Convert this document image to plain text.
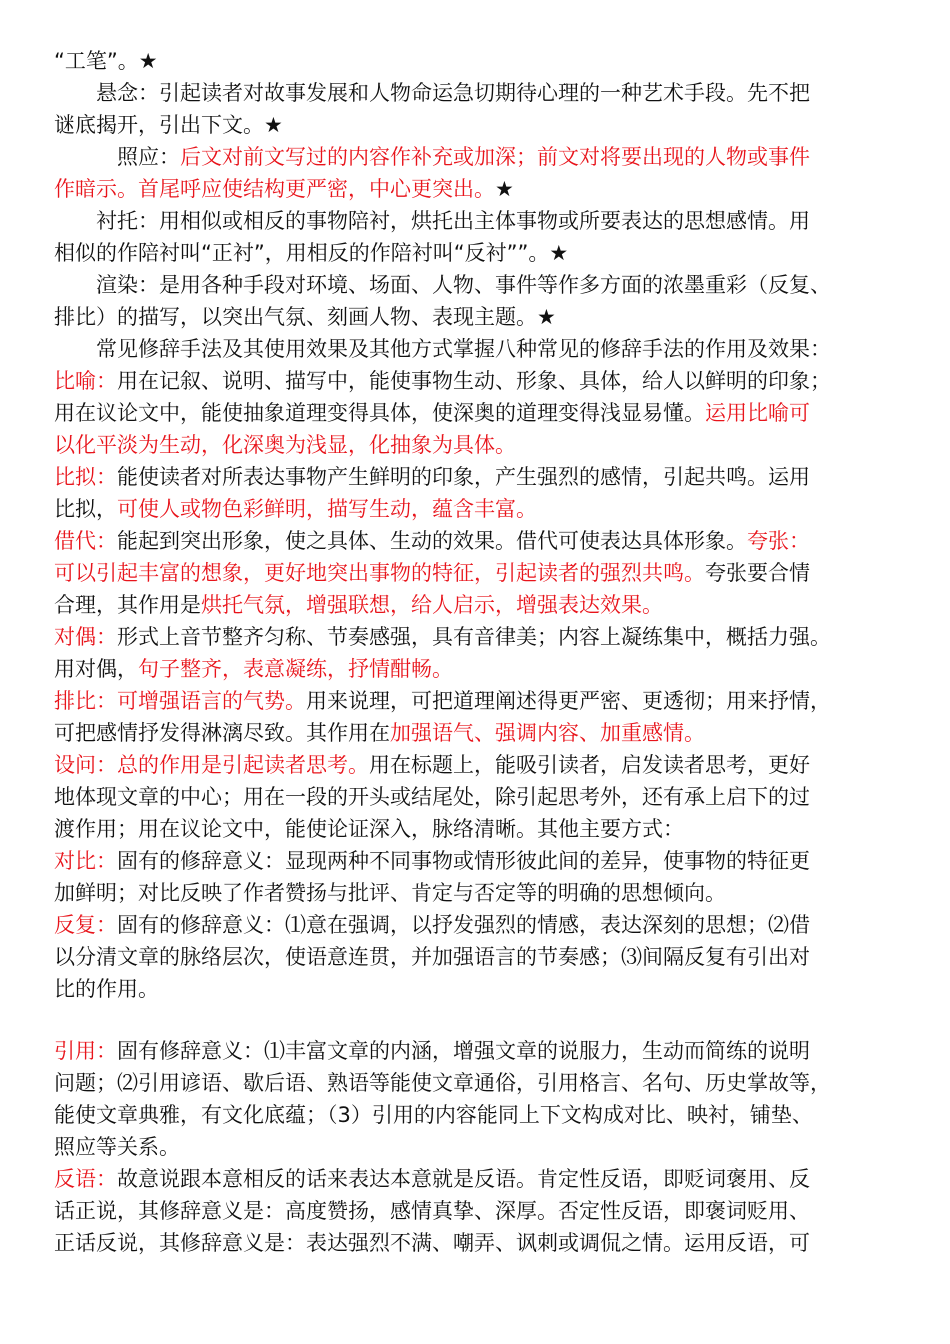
“工笔”。★
　　悬念：引起读者对故事发展和人物命运急切期待心理的一种艺术手段。先不把
谜底揭开，引出下文。★
　　　照应：后文对前文写过的内容作补充或加深；前文对将要出现的人物或事件
作暗示。首尾呼应使结构更严密，中心更突出。★
　　衬托：用相似或相反的事物陪衬，烘托出主体事物或所要表达的思想感情。用
相似的作陪衬叫“正衬”，用相反的作陪衬叫“反衬””。★
　　渲染：是用各种手段对环境、场面、人物、事件等作多方面的浓墨重彩（反复、
排比）的描写，以突出气氛、刻画人物、表现主题。★
　　常见修辞手法及其使用效果及其他方式掌握八种常见的修辞手法的作用及效果：
比喻：用在记叙、说明、描写中，能使事物生动、形象、具体，给人以鲜明的印象；
用在议论文中，能使抽象道理变得具体，使深奥的道理变得浅显易懂。运用比喻可
以化平淡为生动，化深奥为浅显，化抽象为具体。
比拟：能使读者对所表达事物产生鲜明的印象，产生强烈的感情，引起共鸣。运用
比拟，可使人或物色彩鲜明，描写生动，蕴含丰富。
借代：能起到突出形象，使之具体、生动的效果。借代可使表达具体形象。夸张：
可以引起丰富的想象，更好地突出事物的特征，引起读者的强烈共鸣。夸张要合情
合理，其作用是烘托气氛，增强联想，给人启示，增强表达效果。
对偶：形式上音节整齐匀称、节奏感强，具有音律美；内容上凝练集中，概括力强。
用对偶，句子整齐，表意凝练，抒情酣畅。
排比：可增强语言的气势。用来说理，可把道理阐述得更严密、更透彻；用来抒情，
可把感情抒发得淋漓尽致。其作用在加强语气、强调内容、加重感情。
设问：总的作用是引起读者思考。用在标题上，能吸引读者，启发读者思考，更好
地体现文章的中心；用在一段的开头或结尾处，除引起思考外，还有承上启下的过
渡作用；用在议论文中，能使论证深入，脉络清晰。其他主要方式：
对比：固有的修辞意义：显现两种不同事物或情形彼此间的差异，使事物的特征更
加鲜明；对比反映了作者赞扬与批评、肯定与否定等的明确的思想倾向。
反复：固有的修辞意义：⑴意在强调，以抒发强烈的情感，表达深刻的思想；⑵借
以分清文章的脉络层次，使语意连贯，并加强语言的节奏感；⑶间隔反复有引出对
比的作用。
引用：固有修辞意义：⑴丰富文章的内涵，增强文章的说服力，生动而简练的说明
问题；⑵引用谚语、歇后语、熟语等能使文章通俗，引用格言、名句、历史掌故等，
能使文章典雅，有文化底蕴；（3）引用的内容能同上下文构成对比、映衬，铺垫、
照应等关系。
反语：故意说跟本意相反的话来表达本意就是反语。肯定性反语，即贬词褒用、反
话正说，其修辞意义是：高度赞扬，感情真挚、深厚。否定性反语，即褒词贬用、
正话反说，其修辞意义是：表达强烈不满、嘲弄、讽刺或调侃之情。运用反语，可
